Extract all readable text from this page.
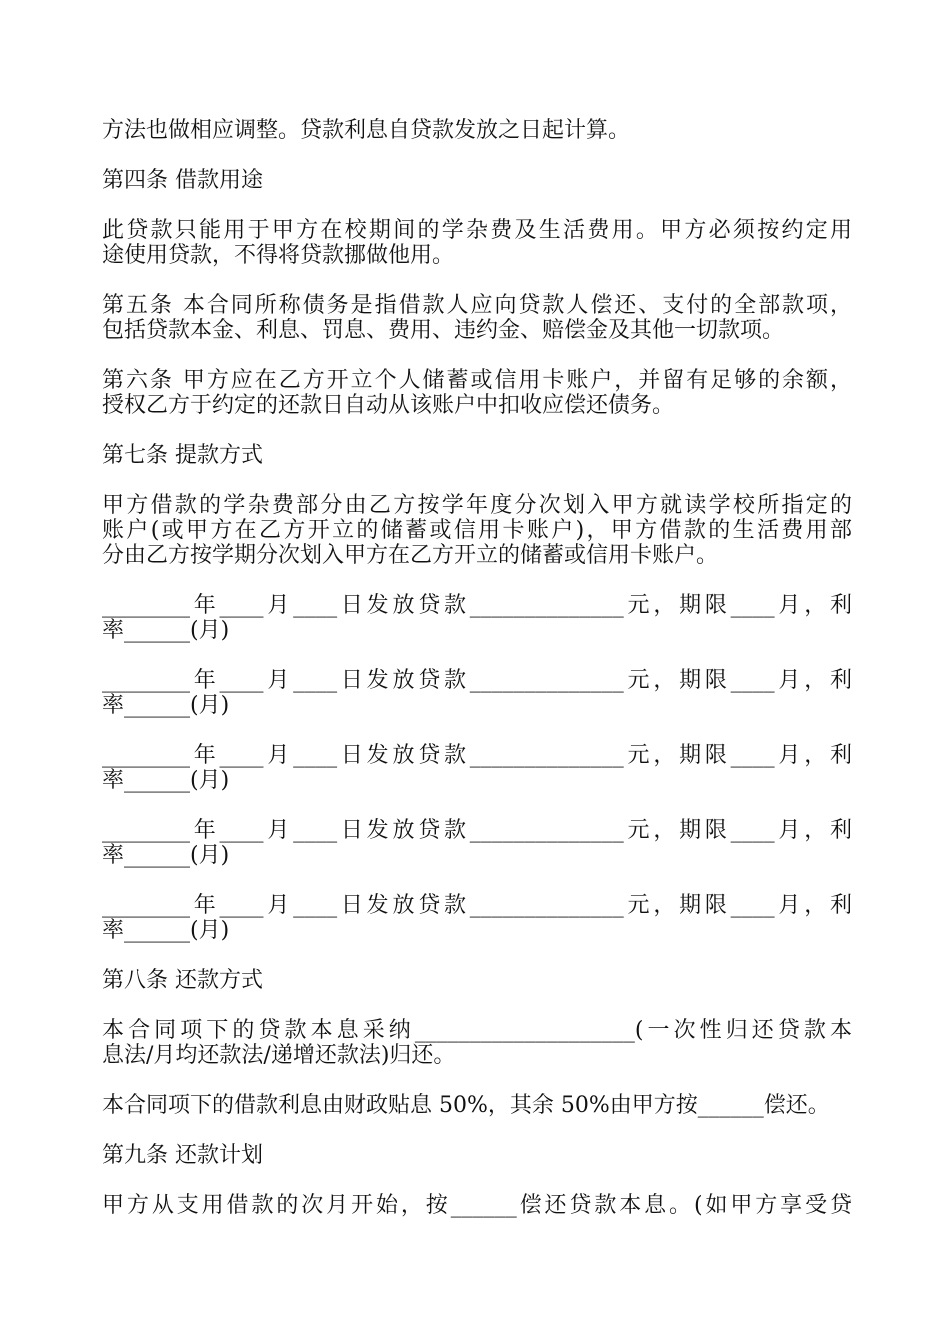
方法也做相应调整。贷款利息自贷款发放之日起计算。
第四条 借款用途
此贷款只能用于甲方在校期间的学杂费及生活费用。甲方必须按约定用
途使用贷款，不得将贷款挪做他用。
第五条 本合同所称债务是指借款人应向贷款人偿还、支付的全部款项，
包括贷款本金、利息、罚息、费用、违约金、赔偿金及其他一切款项。
第六条 甲方应在乙方开立个人储蓄或信用卡账户，并留有足够的余额，
授权乙方于约定的还款日自动从该账户中扣收应偿还债务。
第七条 提款方式
甲方借款的学杂费部分由乙方按学年度分次划入甲方就读学校所指定的
账户(或甲方在乙方开立的储蓄或信用卡账户)，甲方借款的生活费用部
分由乙方按学期分次划入甲方在乙方开立的储蓄或信用卡账户。
________年____月____日发放贷款______________元，期限____月，利
率______(月)
________年____月____日发放贷款______________元，期限____月，利
率______(月)
________年____月____日发放贷款______________元，期限____月，利
率______(月)
________年____月____日发放贷款______________元，期限____月，利
率______(月)
________年____月____日发放贷款______________元，期限____月，利
率______(月)
第八条 还款方式
本合同项下的贷款本息采纳____________________(一次性归还贷款本
息法/月均还款法/递增还款法)归还。
本合同项下的借款利息由财政贴息 50%，其余 50%由甲方按______偿还。
第九条 还款计划
甲方从支用借款的次月开始，按______偿还贷款本息。(如甲方享受贷
